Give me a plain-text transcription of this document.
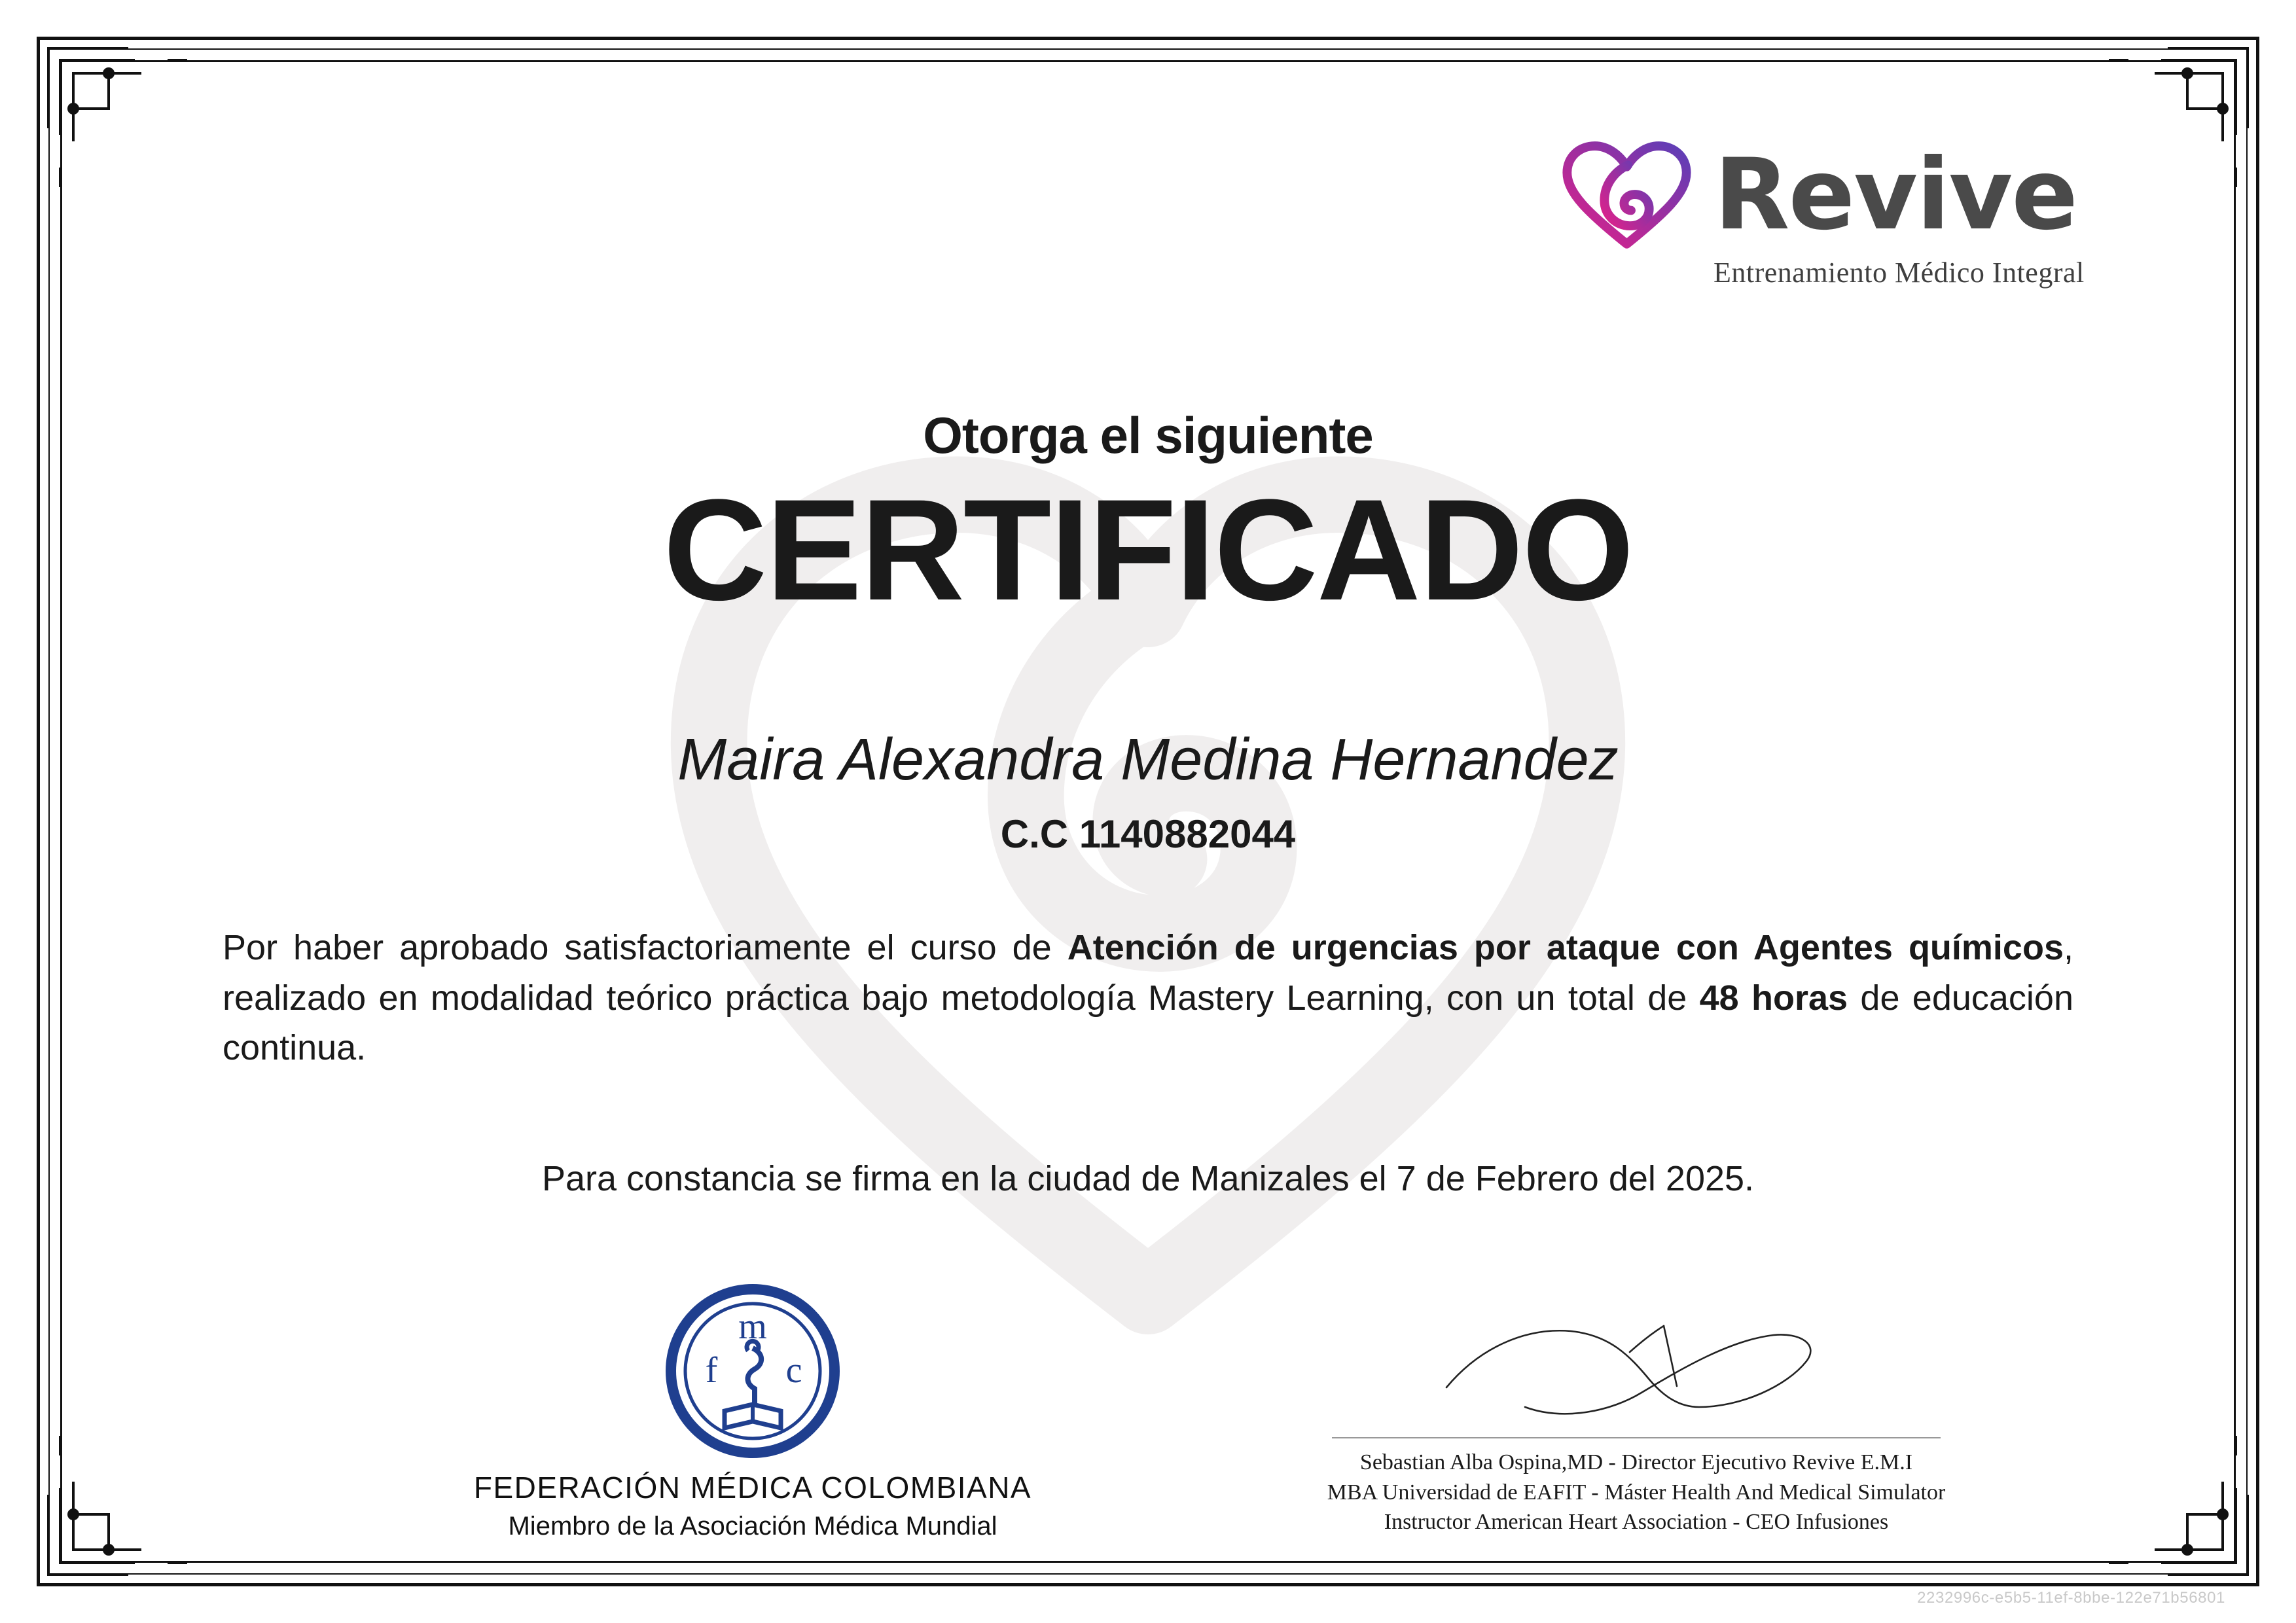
Revive
Entrenamiento Médico Integral
Otorga el siguiente
CERTIFICADO
Maira Alexandra Medina Hernandez
C.C 1140882044
Por haber aprobado satisfactoriamente el curso de Atención de urgencias por ataque con Agentes químicos, realizado en modalidad teórico práctica bajo metodología Mastery Learning, con un total de 48 horas de educación continua.
Para constancia se firma en la ciudad de Manizales el 7 de Febrero del 2025.
m
f c
FEDERACIÓN MÉDICA COLOMBIANA
Miembro de la Asociación Médica Mundial
Sebastian Alba Ospina,MD - Director Ejecutivo Revive E.M.I
MBA Universidad de EAFIT - Máster Health And Medical Simulator
Instructor American Heart Association - CEO Infusiones
2232996c-e5b5-11ef-8bbe-122e71b56801
